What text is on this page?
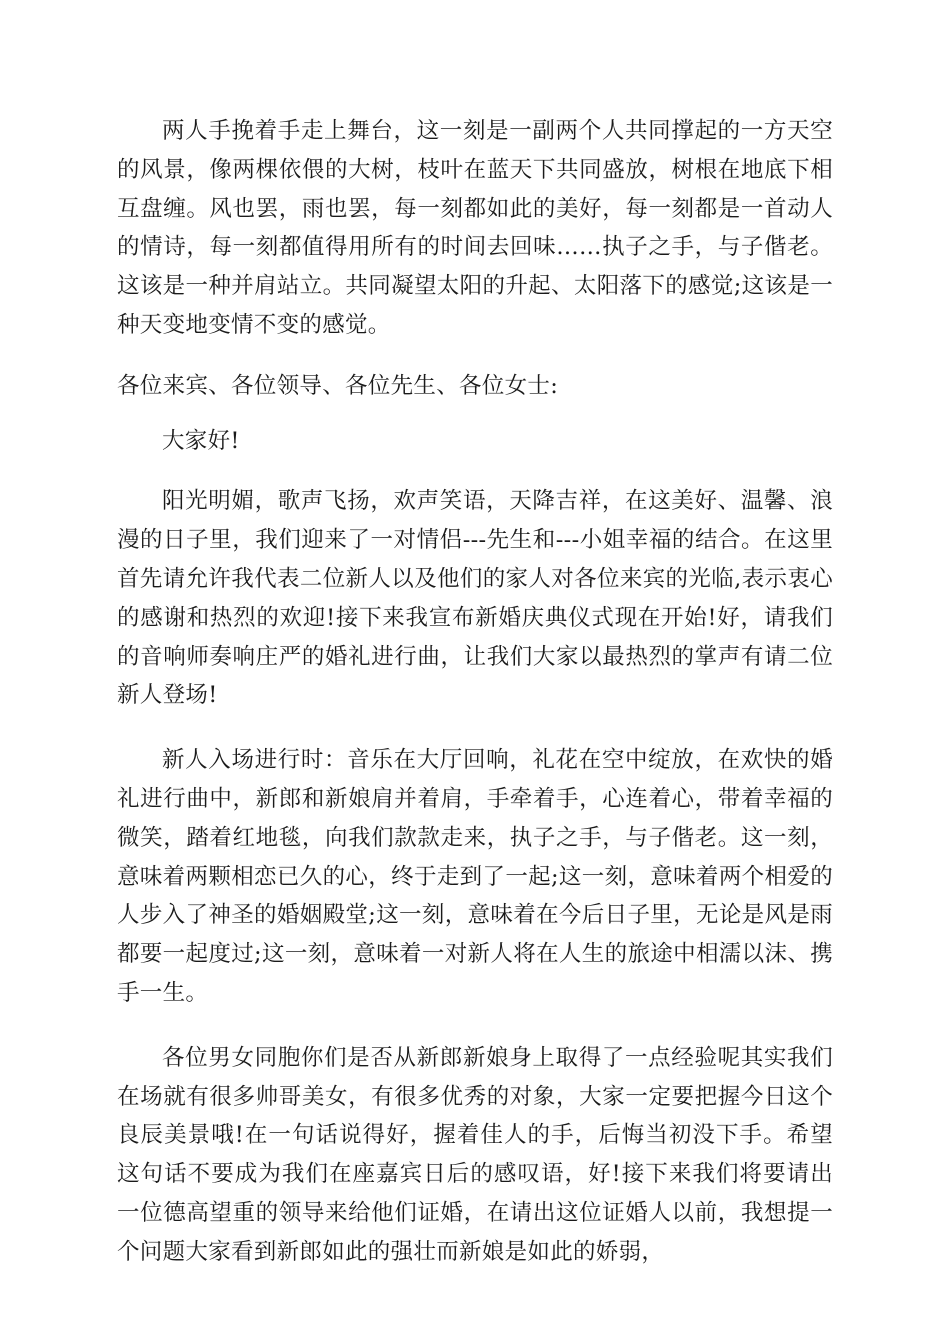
两人手挽着手走上舞台，这一刻是一副两个人共同撑起的一方天空的风景，像两棵依偎的大树，枝叶在蓝天下共同盛放，树根在地底下相互盘缠。风也罢，雨也罢，每一刻都如此的美好，每一刻都是一首动人的情诗，每一刻都值得用所有的时间去回味……执子之手，与子偕老。这该是一种并肩站立。共同凝望太阳的升起、太阳落下的感觉;这该是一种天变地变情不变的感觉。

各位来宾、各位领导、各位先生、各位女士:

大家好!

阳光明媚，歌声飞扬，欢声笑语，天降吉祥，在这美好、温馨、浪漫的日子里，我们迎来了一对情侣---先生和---小姐幸福的结合。在这里首先请允许我代表二位新人以及他们的家人对各位来宾的光临,表示衷心的感谢和热烈的欢迎!接下来我宣布新婚庆典仪式现在开始!好，请我们的音响师奏响庄严的婚礼进行曲，让我们大家以最热烈的掌声有请二位新人登场!

新人入场进行时：音乐在大厅回响，礼花在空中绽放，在欢快的婚礼进行曲中，新郎和新娘肩并着肩，手牵着手，心连着心，带着幸福的微笑，踏着红地毯，向我们款款走来，执子之手，与子偕老。这一刻，意味着两颗相恋已久的心，终于走到了一起;这一刻，意味着两个相爱的人步入了神圣的婚姻殿堂;这一刻，意味着在今后日子里，无论是风是雨都要一起度过;这一刻，意味着一对新人将在人生的旅途中相濡以沫、携手一生。

各位男女同胞你们是否从新郎新娘身上取得了一点经验呢其实我们在场就有很多帅哥美女，有很多优秀的对象，大家一定要把握今日这个良辰美景哦!在一句话说得好，握着佳人的手，后悔当初没下手。希望这句话不要成为我们在座嘉宾日后的感叹语，好!接下来我们将要请出一位德高望重的领导来给他们证婚，在请出这位证婚人以前，我想提一个问题大家看到新郎如此的强壮而新娘是如此的娇弱，
